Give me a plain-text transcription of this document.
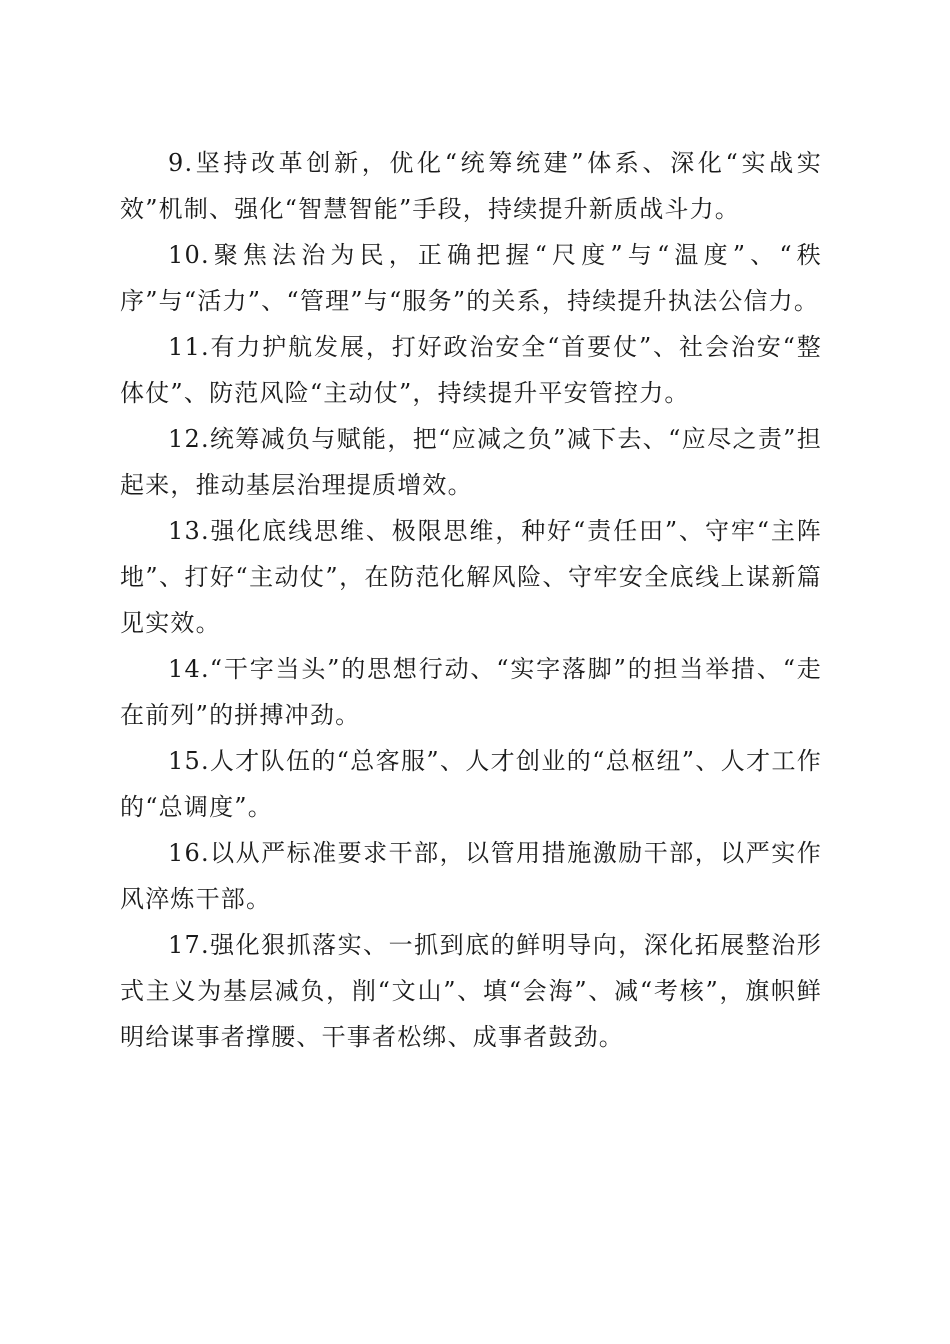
9.坚持改革创新，优化“统筹统建”体系、深化“实战实效”机制、强化“智慧智能”手段，持续提升新质战斗力。

10.聚焦法治为民，正确把握“尺度”与“温度”、“秩序”与“活力”、“管理”与“服务”的关系，持续提升执法公信力。

11.有力护航发展，打好政治安全“首要仗”、社会治安“整体仗”、防范风险“主动仗”，持续提升平安管控力。

12.统筹减负与赋能，把“应减之负”减下去、“应尽之责”担起来，推动基层治理提质增效。

13.强化底线思维、极限思维，种好“责任田”、守牢“主阵地”、打好“主动仗”，在防范化解风险、守牢安全底线上谋新篇见实效。

14.“干字当头”的思想行动、“实字落脚”的担当举措、“走在前列”的拼搏冲劲。

15.人才队伍的“总客服”、人才创业的“总枢纽”、人才工作的“总调度”。

16.以从严标准要求干部，以管用措施激励干部，以严实作风淬炼干部。

17.强化狠抓落实、一抓到底的鲜明导向，深化拓展整治形式主义为基层减负，削“文山”、填“会海”、减“考核”，旗帜鲜明给谋事者撑腰、干事者松绑、成事者鼓劲。
